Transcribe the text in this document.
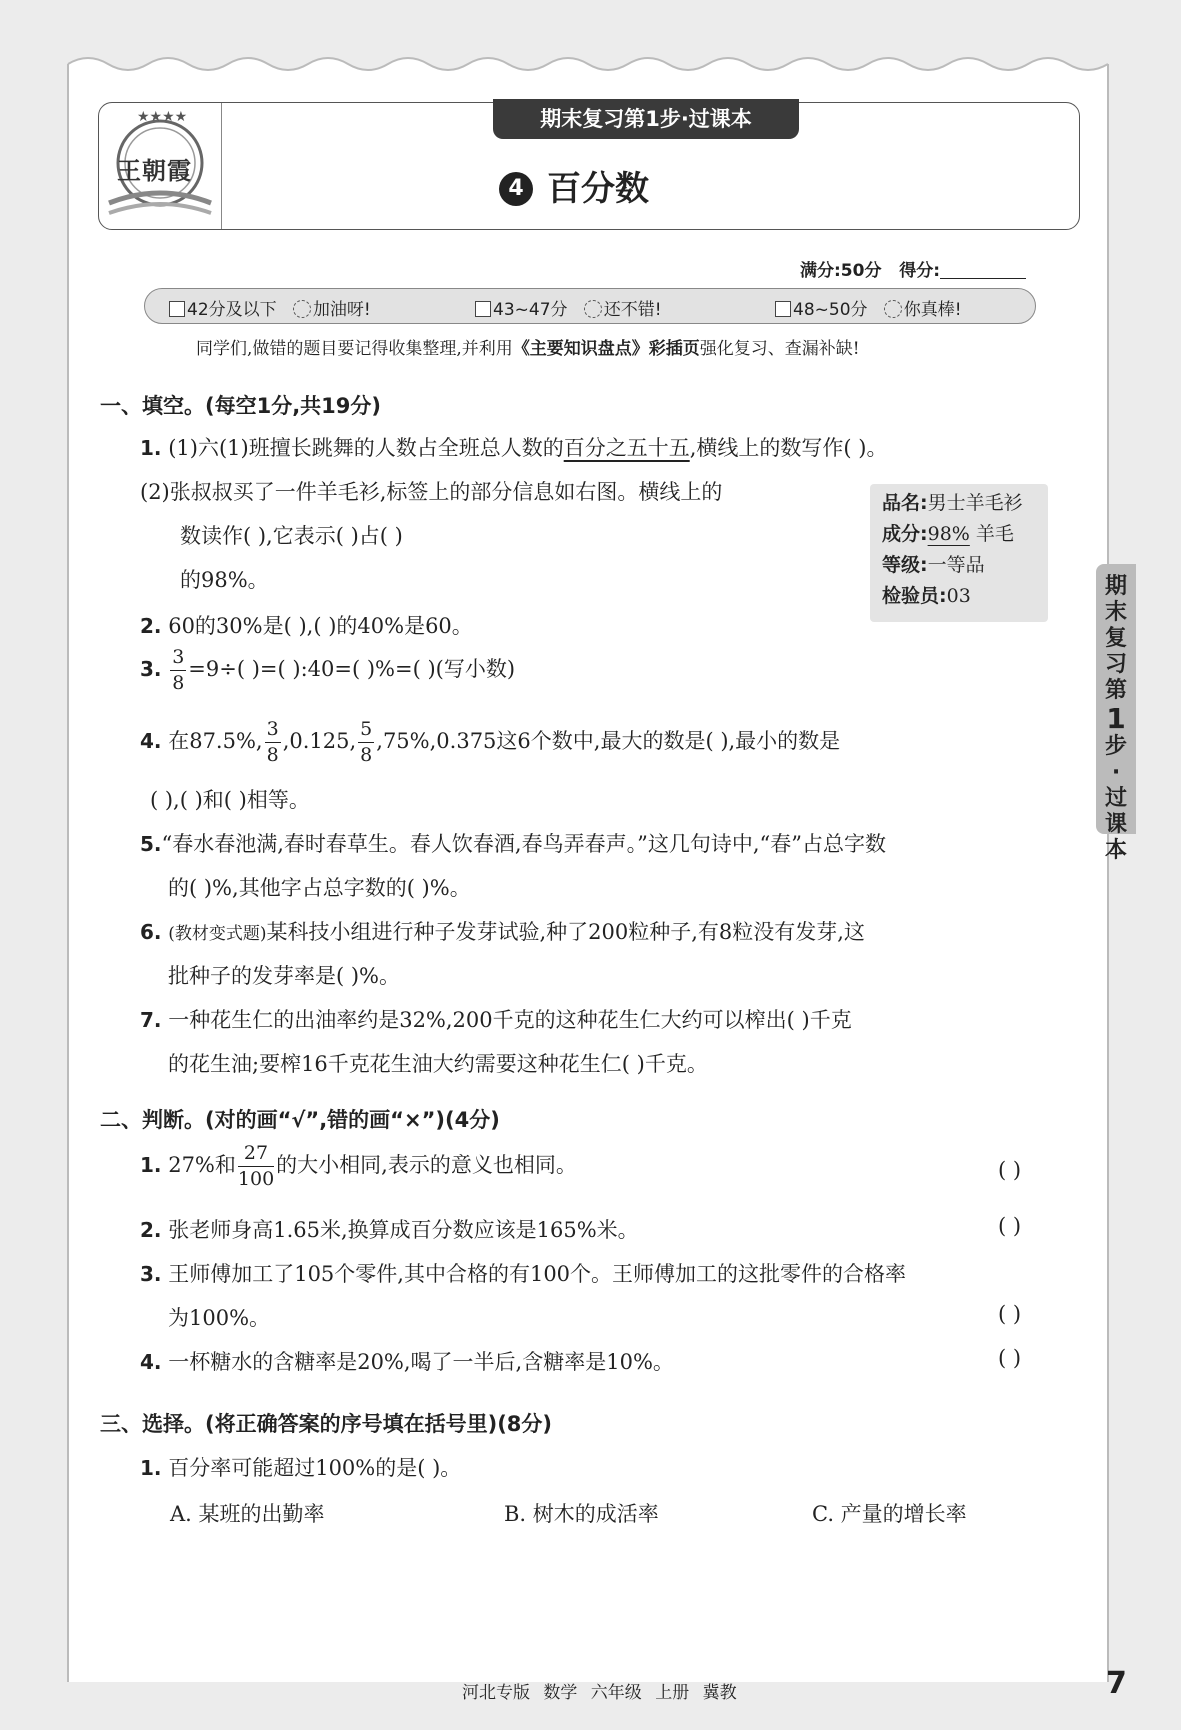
★★★★
王朝霞
期末复习第1步·过课本
4 百分数
满分:50分 得分:
42分及以下 加油呀!	43~47分 还不错!	48~50分 你真棒!
同学们,做错的题目要记得收集整理,并利用《主要知识盘点》彩插页强化复习、查漏补缺!
一、填空。(每空1分,共19分)
1. (1)六(1)班擅长跳舞的人数占全班总人数的百分之五十五,横线上的数写作( )。
(2)张叔叔买了一件羊毛衫,标签上的部分信息如右图。横线上的
数读作( ),它表示( )占( )
的98%。
品名:男士羊毛衫
成分:98% 羊毛
等级:一等品
检验员:03
2. 60的30%是( ),( )的40%是60。
3. $\frac{3}{8} =9\div$( )=( ):40=( )%=( )(写小数)
4. 在87.5%, $\frac{3}{8} ,0.125$, $\frac{5}{8} ,75\%,0.375$这6个数中,最大的数是( ),最小的数是
( ),( )和( )相等。
5.“春水春池满,春时春草生。春人饮春酒,春鸟弄春声。”这几句诗中,“春”占总字数
的( )%,其他字占总字数的( )%。
6. (教材变式题)某科技小组进行种子发芽试验,种了200粒种子,有8粒没有发芽,这
批种子的发芽率是( )%。
7. 一种花生仁的出油率约是32%,200千克的这种花生仁大约可以榨出( )千克
的花生油;要榨16千克花生油大约需要这种花生仁( )千克。
二、判断。(对的画“√”,错的画“×”)(4分)
1. 27%和 $\frac{27}{100}$ 的大小相同,表示的意义也相同。	( )
2. 张老师身高1.65米,换算成百分数应该是165%米。	( )
3. 王师傅加工了105个零件,其中合格的有100个。王师傅加工的这批零件的合格率
为100%。	( )
4. 一杯糖水的含糖率是20%,喝了一半后,含糖率是10%。	( )
三、选择。(将正确答案的序号填在括号里)(8分)
1. 百分率可能超过100%的是( )。
A. 某班的出勤率	B. 树木的成活率	C. 产量的增长率
河北专版 数学 六年级 上册 冀教	7
期
末
复
习
第
1
步
·
过
课
本
